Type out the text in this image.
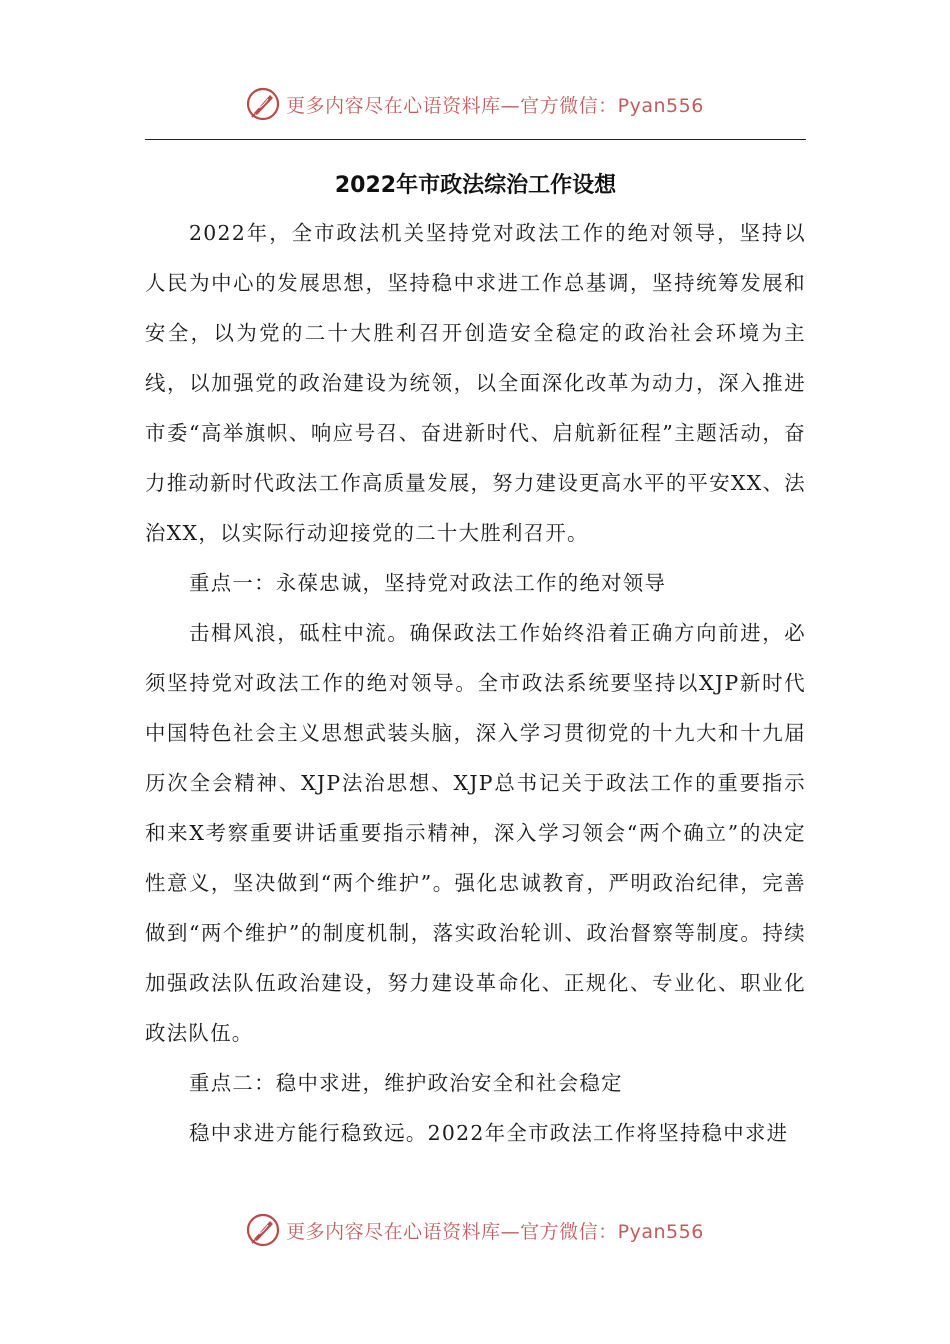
更多内容尽在心语资料库—官方微信：Pyan556
2022年市政法综治工作设想

2022年，全市政法机关坚持党对政法工作的绝对领导，坚持以人民为中心的发展思想，坚持稳中求进工作总基调，坚持统筹发展和安全，以为党的二十大胜利召开创造安全稳定的政治社会环境为主线，以加强党的政治建设为统领，以全面深化改革为动力，深入推进市委“高举旗帜、响应号召、奋进新时代、启航新征程”主题活动，奋力推动新时代政法工作高质量发展，努力建设更高水平的平安XX、法治XX，以实际行动迎接党的二十大胜利召开。

重点一：永葆忠诚，坚持党对政法工作的绝对领导

击楫风浪，砥柱中流。确保政法工作始终沿着正确方向前进，必须坚持党对政法工作的绝对领导。全市政法系统要坚持以XJP新时代中国特色社会主义思想武装头脑，深入学习贯彻党的十九大和十九届历次全会精神、XJP法治思想、XJP总书记关于政法工作的重要指示和来X考察重要讲话重要指示精神，深入学习领会“两个确立”的决定性意义，坚决做到“两个维护”。强化忠诚教育，严明政治纪律，完善做到“两个维护”的制度机制，落实政治轮训、政治督察等制度。持续加强政法队伍政治建设，努力建设革命化、正规化、专业化、职业化政法队伍。

重点二：稳中求进，维护政治安全和社会稳定

稳中求进方能行稳致远。2022年全市政法工作将坚持稳中求进

更多内容尽在心语资料库—官方微信：Pyan556
